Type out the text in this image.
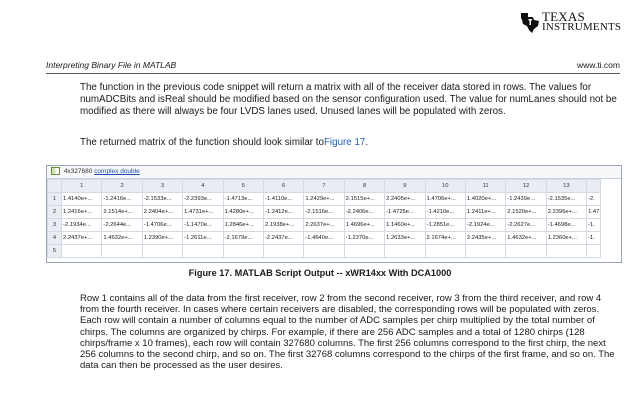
TEXAS
INSTRUMENTS
Interpreting Binary File in MATLAB	www.ti.com

The function in the previous code snippet will return a matrix with all of the receiver data stored in rows. The values for numADCBits and isReal should be modified based on the sensor configuration used. The value for numLanes should not be modified as there will always be four LVDS lanes used. Unused lanes will be populated with zeros.

The returned matrix of the function should look similar toFigure 17.

4x327680 complex double
	1	2	3	4	5	6	7	8	9	10	11	12	13	
1	1.4140e+...	-1.2416e...	-2.1533e...	-2.2393e...	-1.4713e...	-1.4110e...	1.2429e+...	2.1515e+...	2.2405e+...	1.4706e+...	1.4020e+...	-1.2439e...	-2.1535e...	-2.
2	1.2416e+...	2.1514e+...	2.2404e+...	1.4731e+...	1.4280e+...	-1.2412e...	-2.1516e...	-2.2406e...	-1.4725e...	-1.4210e...	1.2411e+...	2.1520e+...	2.2396e+...	1.47
3	-2.1934e...	-2.2644e...	-1.4706e...	-1.1470e...	1.2846e+...	2.1938e+...	2.2637e+...	1.4696e+...	1.1460e+...	-1.2851e...	-2.1924e...	-2.2627e...	-1.4698e...	-1.
4	2.2437e+...	1.4632e+...	1.2390e+...	-1.2611e...	-2.1679e...	-2.2437e...	-1.4640e...	-1.2370e...	1.2633e+...	2.1674e+...	2.2435e+...	1.4632e+...	1.2360e+...	-1.
5														
Figure 17. MATLAB Script Output -- xWR14xx With DCA1000

Row 1 contains all of the data from the first receiver, row 2 from the second receiver, row 3 from the third receiver, and row 4 from the fourth receiver. In cases where certain receivers are disabled, the corresponding rows will be populated with zeros. Each row will contain a number of columns equal to the number of ADC samples per chirp multiplied by the total number of chirps. The columns are organized by chirps. For example, if there are 256 ADC samples and a total of 1280 chirps (128 chirps/frame x 10 frames), each row will contain 327680 columns. The first 256 columns correspond to the first chirp, the next 256 columns to the second chirp, and so on. The first 32768 columns correspond to the chirps of the first frame, and so on. The data can then be processed as the user desires.
